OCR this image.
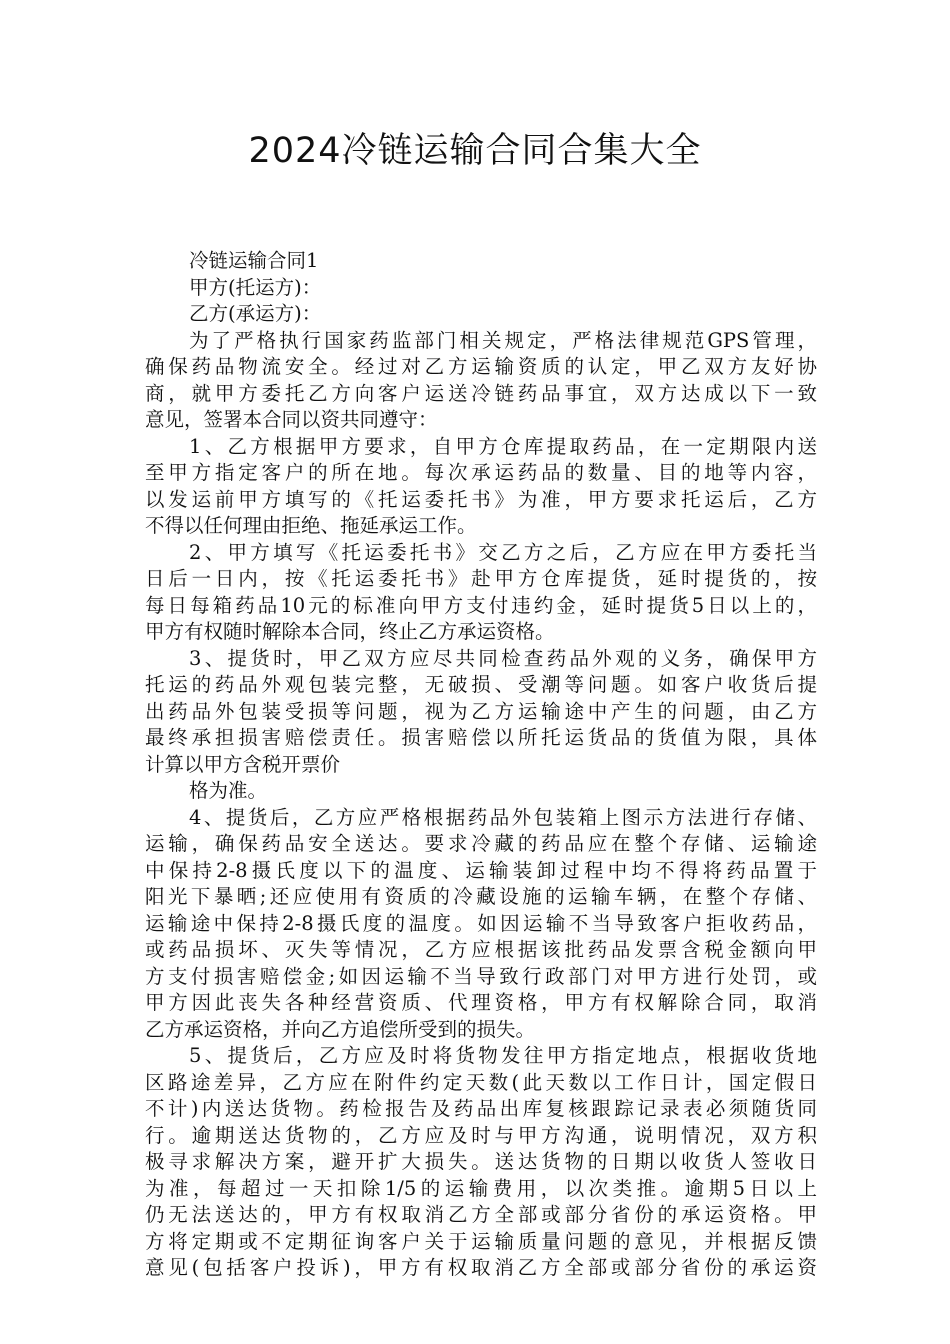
2024冷链运输合同合集大全
冷链运输合同1
甲方(托运方)：
乙方(承运方)：
为了严格执行国家药监部门相关规定，严格法律规范GPS管理，
确保药品物流安全。经过对乙方运输资质的认定，甲乙双方友好协
商，就甲方委托乙方向客户运送冷链药品事宜，双方达成以下一致
意见，签署本合同以资共同遵守：
1、乙方根据甲方要求，自甲方仓库提取药品，在一定期限内送
至甲方指定客户的所在地。每次承运药品的数量、目的地等内容，
以发运前甲方填写的《托运委托书》为准，甲方要求托运后，乙方
不得以任何理由拒绝、拖延承运工作。
2、甲方填写《托运委托书》交乙方之后，乙方应在甲方委托当
日后一日内，按《托运委托书》赴甲方仓库提货，延时提货的，按
每日每箱药品10元的标准向甲方支付违约金，延时提货5日以上的，
甲方有权随时解除本合同，终止乙方承运资格。
3、提货时，甲乙双方应尽共同检查药品外观的义务，确保甲方
托运的药品外观包装完整，无破损、受潮等问题。如客户收货后提
出药品外包装受损等问题，视为乙方运输途中产生的问题，由乙方
最终承担损害赔偿责任。损害赔偿以所托运货品的货值为限，具体
计算以甲方含税开票价
格为准。
4、提货后，乙方应严格根据药品外包装箱上图示方法进行存储、
运输，确保药品安全送达。要求冷藏的药品应在整个存储、运输途
中保持2-8摄氏度以下的温度、运输装卸过程中均不得将药品置于
阳光下暴晒;还应使用有资质的冷藏设施的运输车辆，在整个存储、
运输途中保持2-8摄氏度的温度。如因运输不当导致客户拒收药品，
或药品损坏、灭失等情况，乙方应根据该批药品发票含税金额向甲
方支付损害赔偿金;如因运输不当导致行政部门对甲方进行处罚，或
甲方因此丧失各种经营资质、代理资格，甲方有权解除合同，取消
乙方承运资格，并向乙方追偿所受到的损失。
5、提货后，乙方应及时将货物发往甲方指定地点，根据收货地
区路途差异，乙方应在附件约定天数(此天数以工作日计，国定假日
不计)内送达货物。药检报告及药品出库复核跟踪记录表必须随货同
行。逾期送达货物的，乙方应及时与甲方沟通，说明情况，双方积
极寻求解决方案，避开扩大损失。送达货物的日期以收货人签收日
为准，每超过一天扣除1/5的运输费用，以次类推。逾期5日以上
仍无法送达的，甲方有权取消乙方全部或部分省份的承运资格。甲
方将定期或不定期征询客户关于运输质量问题的意见，并根据反馈
意见(包括客户投诉)，甲方有权取消乙方全部或部分省份的承运资
